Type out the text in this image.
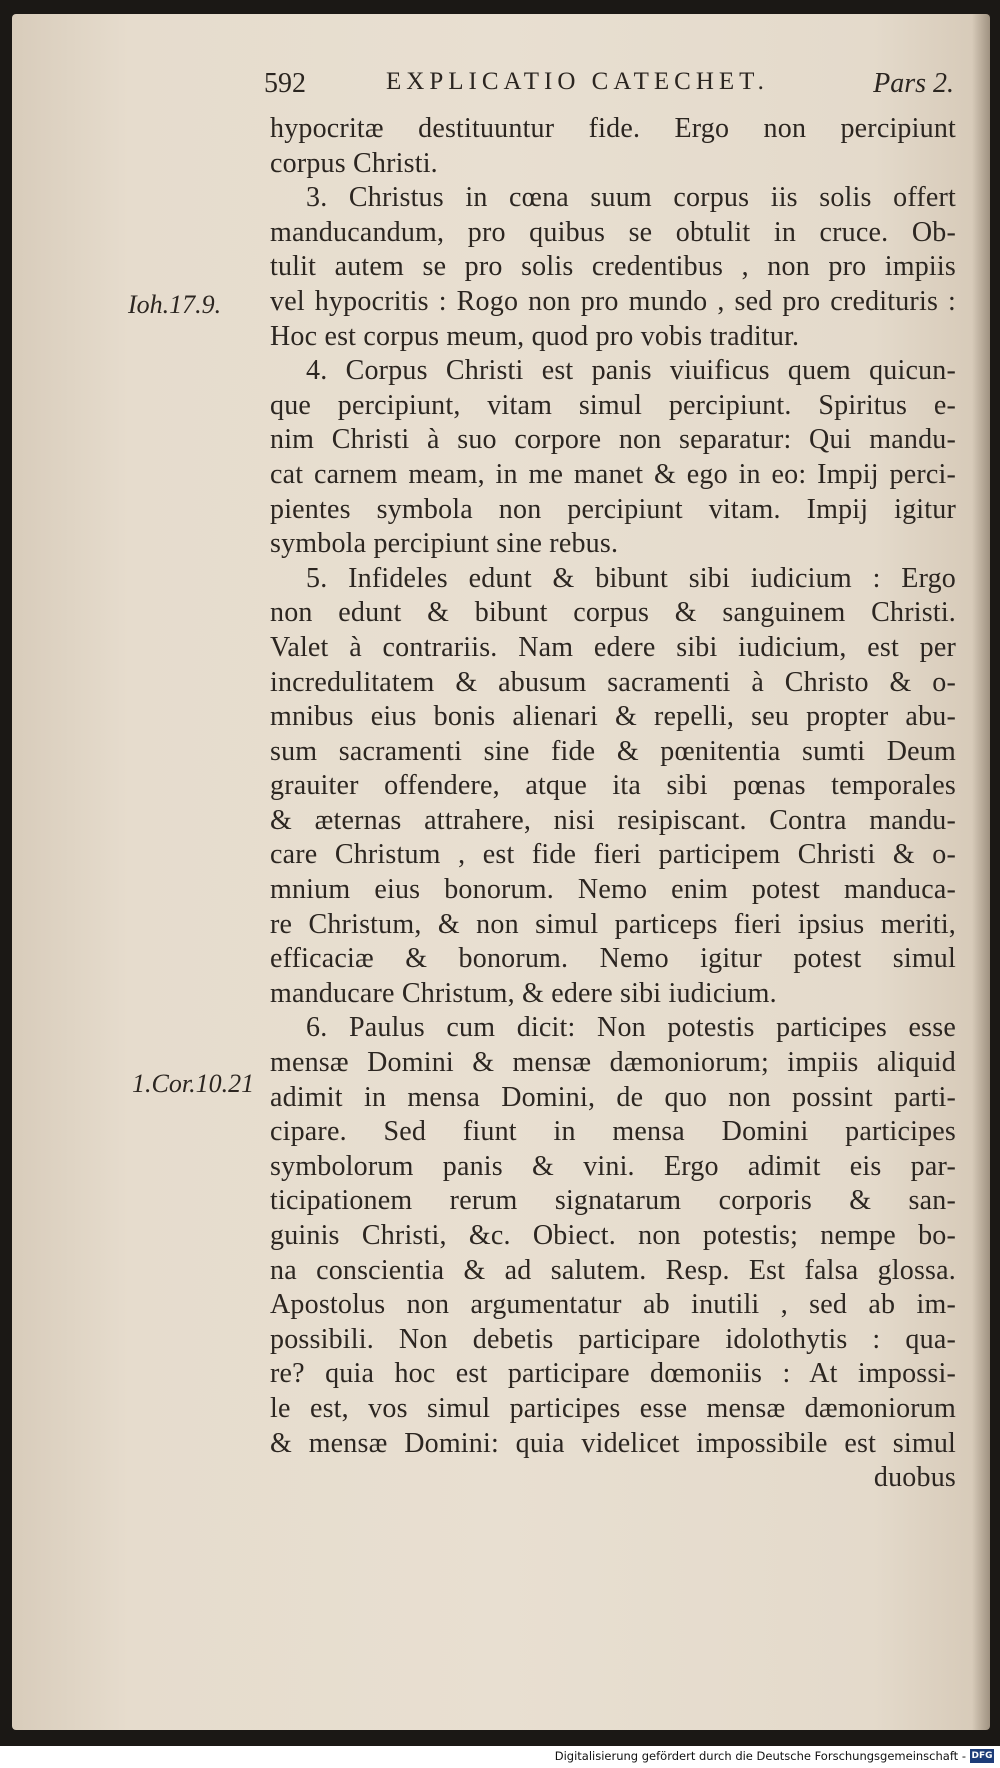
592	EXPLICATIO CATECHET.	Pars 2.
Ioh.17.9.
1.Cor.10.21
hypocritæ destituuntur fide. Ergo non percipiunt
corpus Christi.
3. Christus in cœna suum corpus iis solis offert
manducandum, pro quibus se obtulit in cruce. Ob-
tulit autem se pro solis credentibus , non pro impiis
vel hypocritis : Rogo non pro mundo , sed pro credituris :
Hoc est corpus meum, quod pro vobis traditur.
4. Corpus Christi est panis viuificus quem quicun-
que percipiunt, vitam simul percipiunt. Spiritus e-
nim Christi à suo corpore non separatur: Qui mandu-
cat carnem meam, in me manet & ego in eo: Impij perci-
pientes symbola non percipiunt vitam. Impij igitur
symbola percipiunt sine rebus.
5. Infideles edunt & bibunt sibi iudicium : Ergo
non edunt & bibunt corpus & sanguinem Christi.
Valet à contrariis. Nam edere sibi iudicium, est per
incredulitatem & abusum sacramenti à Christo & o-
mnibus eius bonis alienari & repelli, seu propter abu-
sum sacramenti sine fide & pœnitentia sumti Deum
grauiter offendere, atque ita sibi pœnas temporales
& æternas attrahere, nisi resipiscant. Contra mandu-
care Christum , est fide fieri participem Christi & o-
mnium eius bonorum. Nemo enim potest manduca-
re Christum, & non simul particeps fieri ipsius meriti,
efficaciæ & bonorum. Nemo igitur potest simul
manducare Christum, & edere sibi iudicium.
6. Paulus cum dicit: Non potestis participes esse
mensæ Domini & mensæ dæmoniorum; impiis aliquid
adimit in mensa Domini, de quo non possint parti-
cipare. Sed fiunt in mensa Domini participes
symbolorum panis & vini. Ergo adimit eis par-
ticipationem rerum signatarum corporis & san-
guinis Christi, &c. Obiect. non potestis; nempe bo-
na conscientia & ad salutem. Resp. Est falsa glossa.
Apostolus non argumentatur ab inutili , sed ab im-
possibili. Non debetis participare idolothytis : qua-
re? quia hoc est participare dœmoniis : At impossi-
le est, vos simul participes esse mensæ dæmoniorum
& mensæ Domini: quia videlicet impossibile est simul
duobus
Digitalisierung gefördert durch die Deutsche Forschungsgemeinschaft - DFG
